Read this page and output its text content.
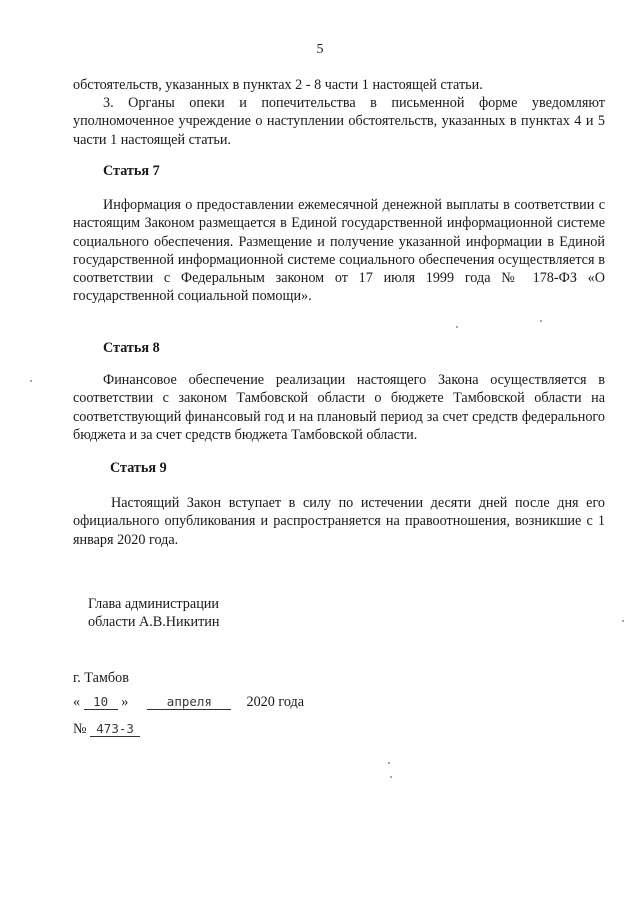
5

обстоятельств, указанных в пунктах 2 - 8 части 1 настоящей статьи.

3. Органы опеки и попечительства в письменной форме уведомляют уполномоченное учреждение о наступлении обстоятельств, указанных в пунктах 4 и 5 части 1 настоящей статьи.

Статья 7

Информация о предоставлении ежемесячной денежной выплаты в соответствии с настоящим Законом размещается в Единой государственной информационной системе социального обеспечения. Размещение и получение указанной информации в Единой государственной информационной системе социального обеспечения осуществляется в соответствии с Федеральным законом от 17 июля 1999 года № 178-ФЗ «О государственной социальной помощи».

Статья 8

Финансовое обеспечение реализации настоящего Закона осуществляется в соответствии с законом Тамбовской области о бюджете Тамбовской области на соответствующий финансовый год и на плановый период за счет средств федерального бюджета и за счет средств бюджета Тамбовской области.

Статья 9

Настоящий Закон вступает в силу по истечении десяти дней после дня его официального опубликования и распространяется на правоотношения, возникшие с 1 января 2020 года.

Глава администрации
области А.В.Никитин
г. Тамбов
« 10 »	апреля 2020 года
№ 473-З
